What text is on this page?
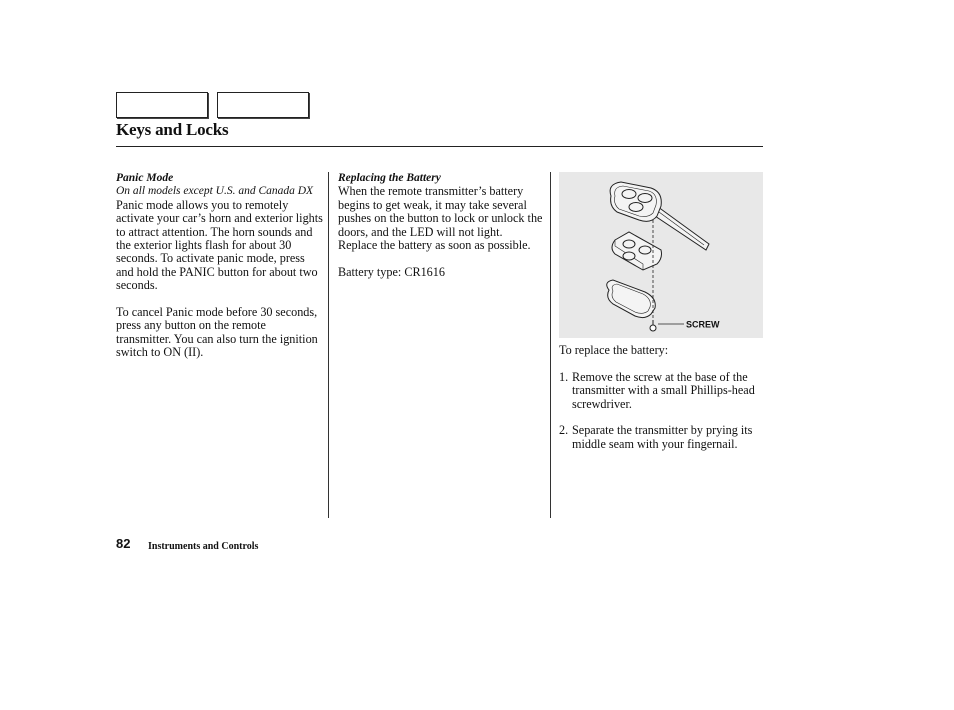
Keys and Locks

Panic Mode

On all models except U.S. and Canada DX

Panic mode allows you to remotely activate your car’s horn and exterior lights to attract attention. The horn sounds and the exterior lights flash for about 30 seconds. To activate panic mode, press and hold the PANIC button for about two seconds.

To cancel Panic mode before 30 seconds, press any button on the remote transmitter. You can also turn the ignition switch to ON (II).

Replacing the Battery

When the remote transmitter’s battery begins to get weak, it may take several pushes on the button to lock or unlock the doors, and the LED will not light. Replace the battery as soon as possible.

Battery type: CR1616

SCREW

To replace the battery:

1. Remove the screw at the base of the transmitter with a small Phillips-head screwdriver.
2. Separate the transmitter by prying its middle seam with your fingernail.
82 Instruments and Controls
